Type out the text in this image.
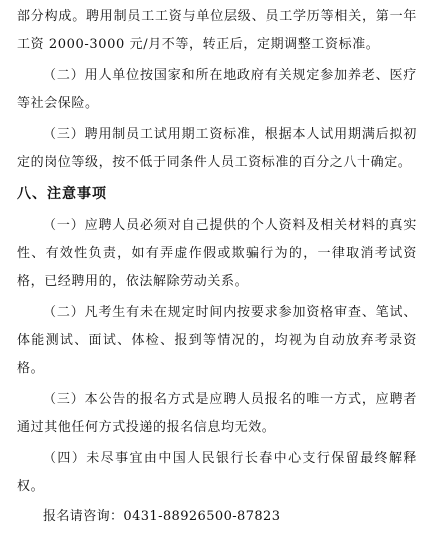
部分构成。聘用制员工工资与单位层级、员工学历等相关，第一年工资 2000-3000 元/月不等，转正后，定期调整工资标准。

（二）用人单位按国家和所在地政府有关规定参加养老、医疗等社会保险。

（三）聘用制员工试用期工资标准，根据本人试用期满后拟初定的岗位等级，按不低于同条件人员工资标准的百分之八十确定。

八、注意事项

（一）应聘人员必须对自己提供的个人资料及相关材料的真实性、有效性负责，如有弄虚作假或欺骗行为的，一律取消考试资格，已经聘用的，依法解除劳动关系。

（二）凡考生有未在规定时间内按要求参加资格审查、笔试、体能测试、面试、体检、报到等情况的，均视为自动放弃考录资格。

（三）本公告的报名方式是应聘人员报名的唯一方式，应聘者通过其他任何方式投递的报名信息均无效。

（四）未尽事宜由中国人民银行长春中心支行保留最终解释权。

报名请咨询：0431-88926500-87823
